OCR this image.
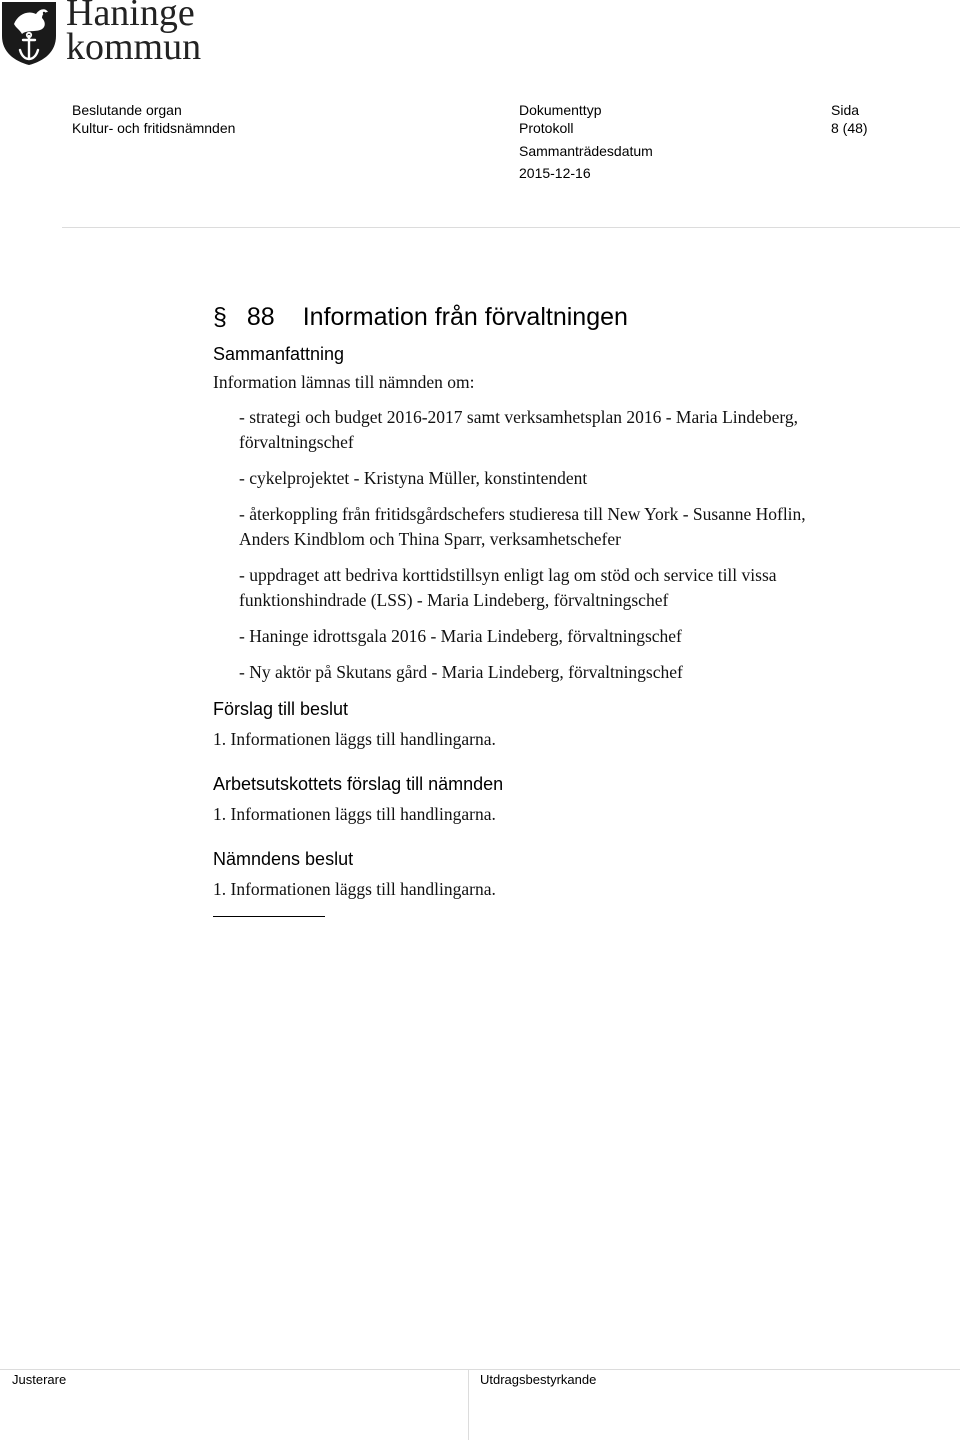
Haninge
kommun
Beslutande organ
Kultur- och fritidsnämnden
Dokumenttyp
Protokoll
Sida
8 (48)
Sammanträdesdatum
2015-12-16
§ 88 Information från förvaltningen
Sammanfattning
Information lämnas till nämnden om:
- strategi och budget 2016-2017 samt verksamhetsplan 2016 - Maria Lindeberg, förvaltningschef
- cykelprojektet - Kristyna Müller, konstintendent
- återkoppling från fritidsgårdschefers studieresa till New York - Susanne Hoflin, Anders Kindblom och Thina Sparr, verksamhetschefer
- uppdraget att bedriva korttidstillsyn enligt lag om stöd och service till vissa funktionshindrade (LSS) - Maria Lindeberg, förvaltningschef
- Haninge idrottsgala 2016 - Maria Lindeberg, förvaltningschef
- Ny aktör på Skutans gård - Maria Lindeberg, förvaltningschef
Förslag till beslut
1. Informationen läggs till handlingarna.
Arbetsutskottets förslag till nämnden
1. Informationen läggs till handlingarna.
Nämndens beslut
1. Informationen läggs till handlingarna.
Justerare	Utdragsbestyrkande
